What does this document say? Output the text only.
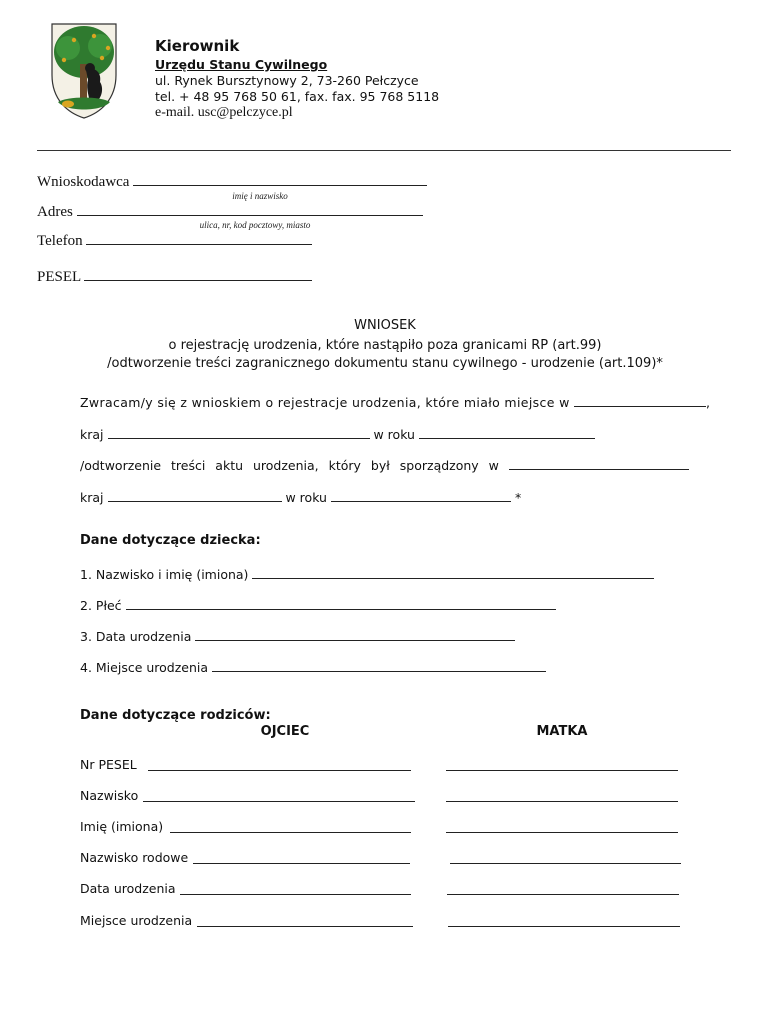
Kierownik
Urzędu Stanu Cywilnego
ul. Rynek Bursztynowy 2, 73-260 Pełczyce
tel. + 48 95 768 50 61, fax. fax. 95 768 5118
e-mail. usc@pelczyce.pl
Wnioskodawca
imię i nazwisko
Adres
ulica, nr, kod pocztowy, miasto
Telefon
PESEL
WNIOSEK
o rejestrację urodzenia, które nastąpiło poza granicami RP (art.99)
/odtworzenie treści zagranicznego dokumentu stanu cywilnego - urodzenie (art.109)*
Zwracam/y się z wnioskiem o rejestracje urodzenia, które miało miejsce w	,
kraj	w roku
/odtworzenie treści aktu urodzenia, który był sporządzony w
kraj	w roku	*
Dane dotyczące dziecka:
1. Nazwisko i imię (imiona)
2. Płeć
3. Data urodzenia
4. Miejsce urodzenia
Dane dotyczące rodziców:
OJCIEC	MATKA
Nr PESEL
Nazwisko
Imię (imiona)
Nazwisko rodowe
Data urodzenia
Miejsce urodzenia
